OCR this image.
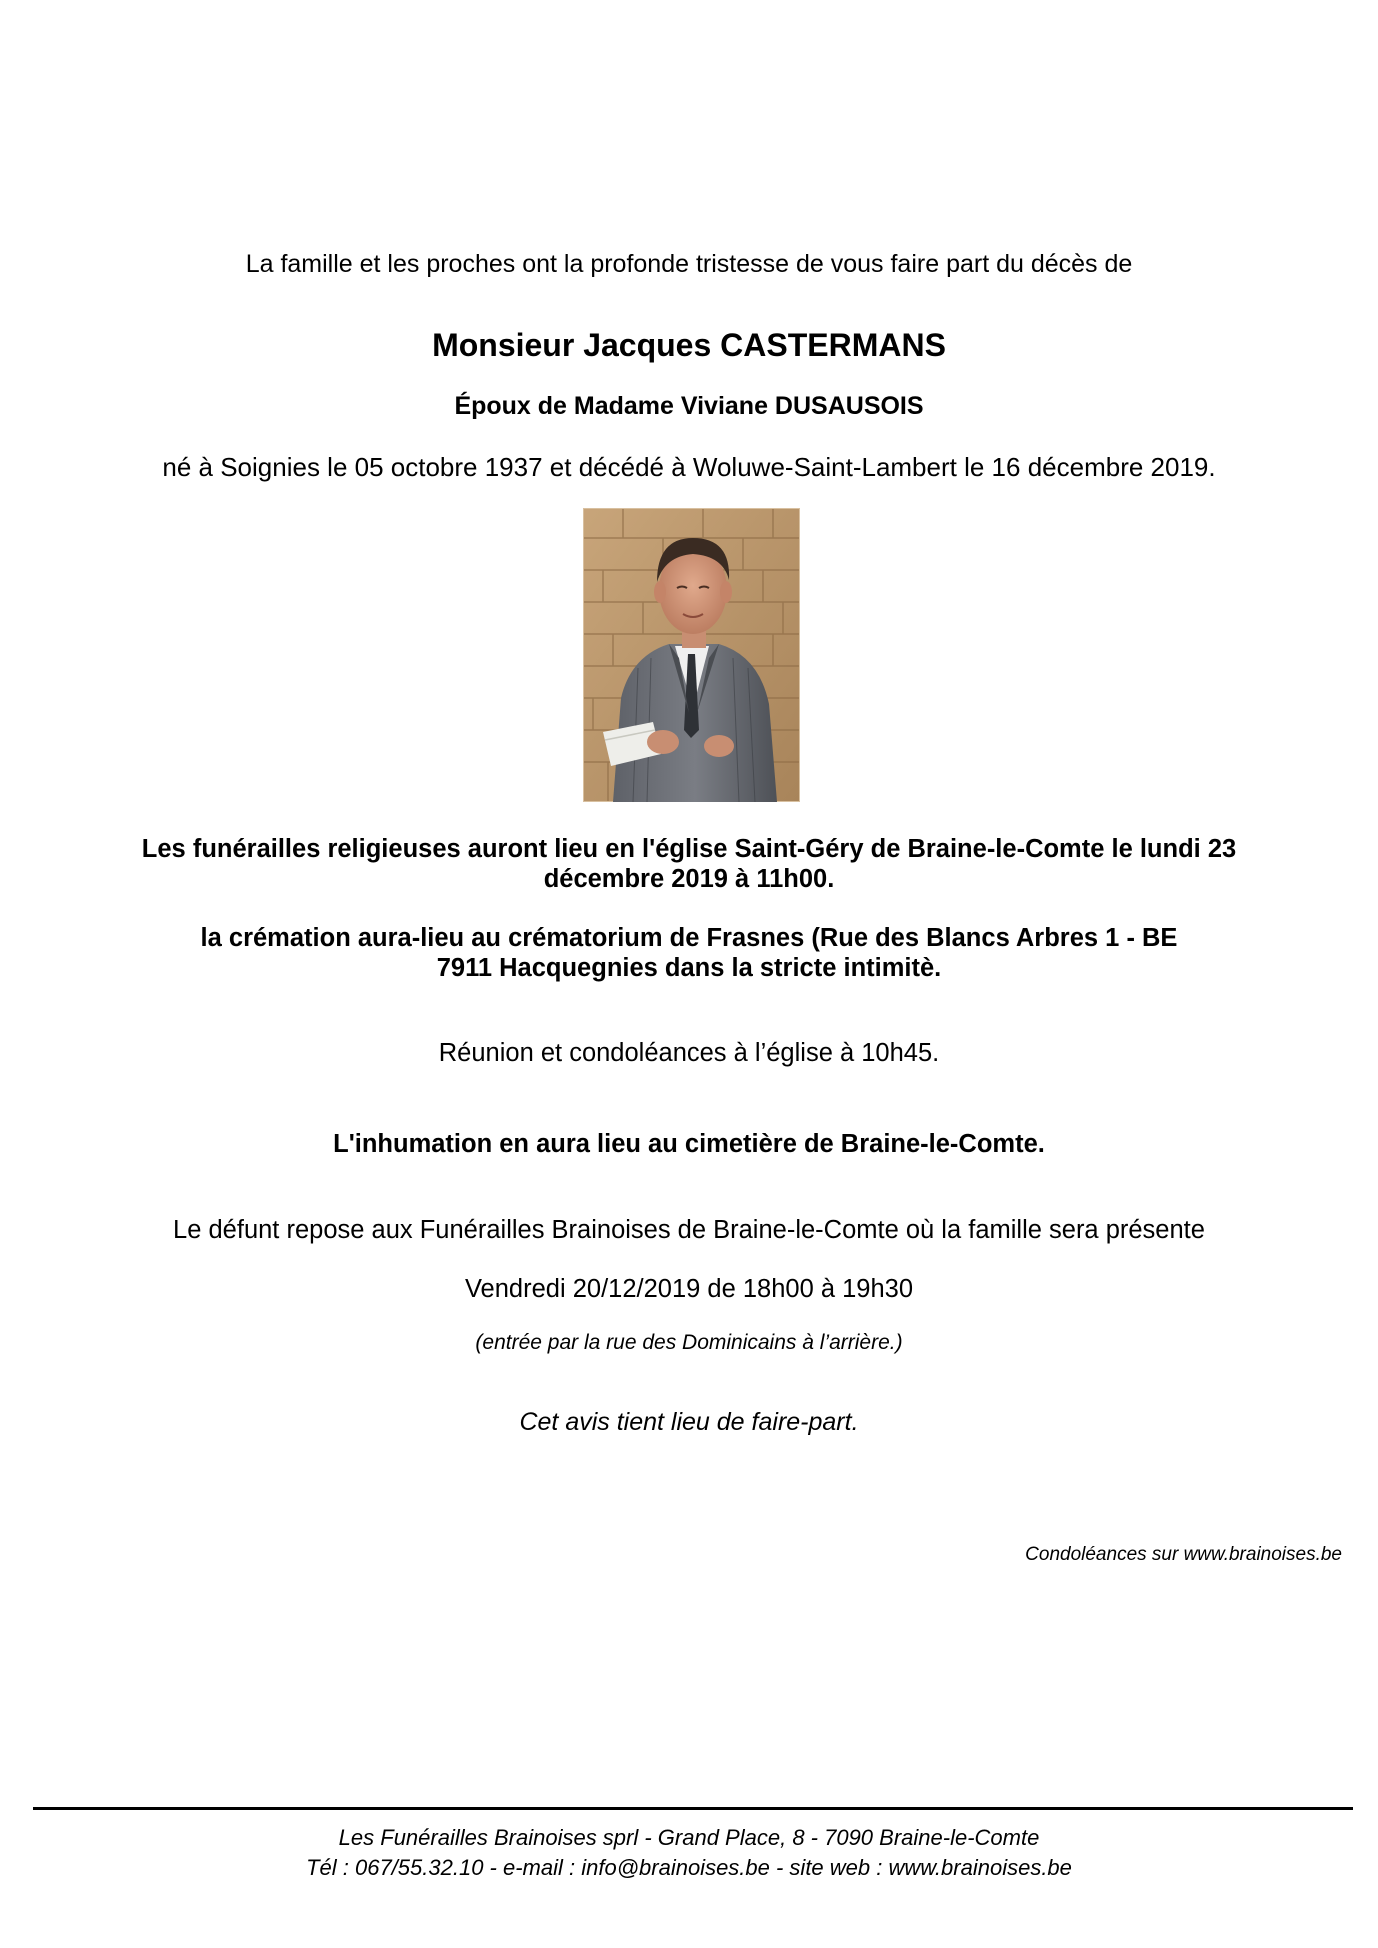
La famille et les proches ont la profonde tristesse de vous faire part du décès de
Monsieur Jacques CASTERMANS
Époux de Madame Viviane DUSAUSOIS
né à Soignies le 05 octobre 1937 et décédé à Woluwe-Saint-Lambert le 16 décembre 2019.
Les funérailles religieuses auront lieu en l'église Saint-Géry de Braine-le-Comte le lundi 23
décembre 2019 à 11h00.
la crémation aura-lieu au crématorium de Frasnes (Rue des Blancs Arbres 1 - BE
7911 Hacquegnies dans la stricte intimitè.
Réunion et condoléances à l’église à 10h45.
L'inhumation en aura lieu au cimetière de Braine-le-Comte.
Le défunt repose aux Funérailles Brainoises de Braine-le-Comte où la famille sera présente
Vendredi 20/12/2019 de 18h00 à 19h30
(entrée par la rue des Dominicains à l’arrière.)
Cet avis tient lieu de faire-part.
Condoléances sur www.brainoises.be
Les Funérailles Brainoises sprl - Grand Place, 8 - 7090 Braine-le-Comte
Tél : 067/55.32.10 - e-mail : info@brainoises.be - site web : www.brainoises.be
